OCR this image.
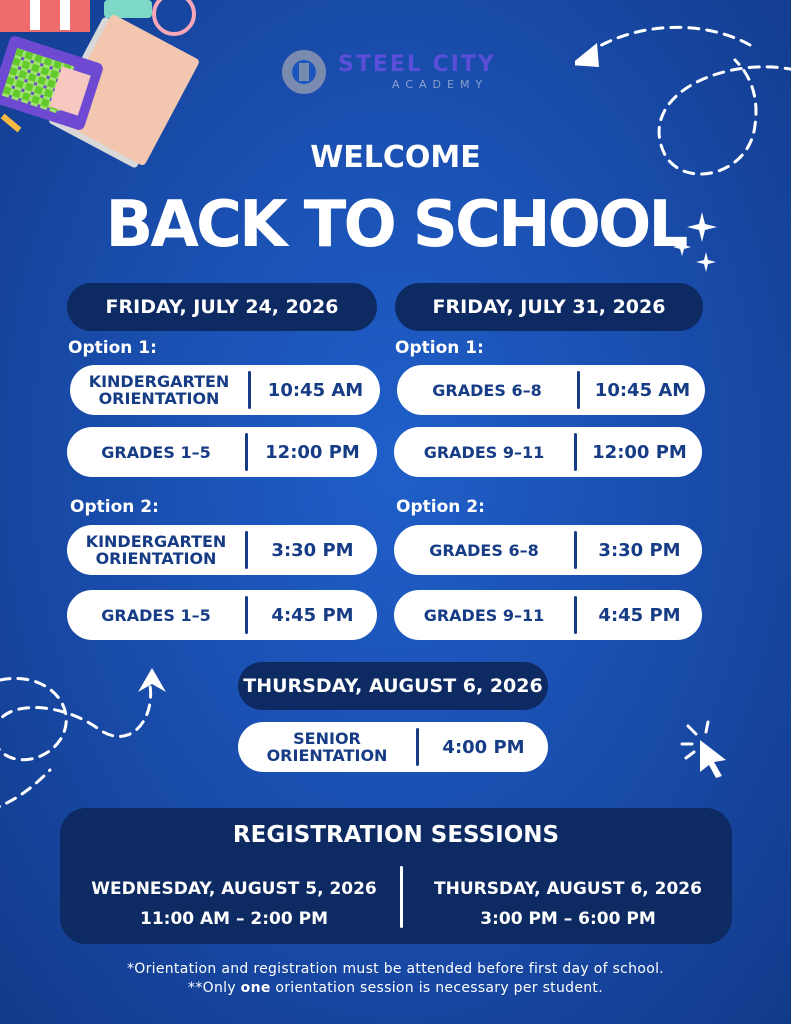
STEEL CITY
ACADEMY
WELCOME
BACK TO SCHOOL
FRIDAY, JULY 24, 2026
Option 1:
KINDERGARTEN
ORIENTATION	10:45 AM
GRADES 1–5	12:00 PM
Option 2:
KINDERGARTEN
ORIENTATION	3:30 PM
GRADES 1–5	4:45 PM
FRIDAY, JULY 31, 2026
Option 1:
GRADES 6–8	10:45 AM
GRADES 9–11	12:00 PM
Option 2:
GRADES 6–8	3:30 PM
GRADES 9–11	4:45 PM
THURSDAY, AUGUST 6, 2026
SENIOR
ORIENTATION	4:00 PM
REGISTRATION SESSIONS
WEDNESDAY, AUGUST 5, 2026
11:00 AM – 2:00 PM
THURSDAY, AUGUST 6, 2026
3:00 PM – 6:00 PM
*Orientation and registration must be attended before first day of school.
**Only one orientation session is necessary per student.
